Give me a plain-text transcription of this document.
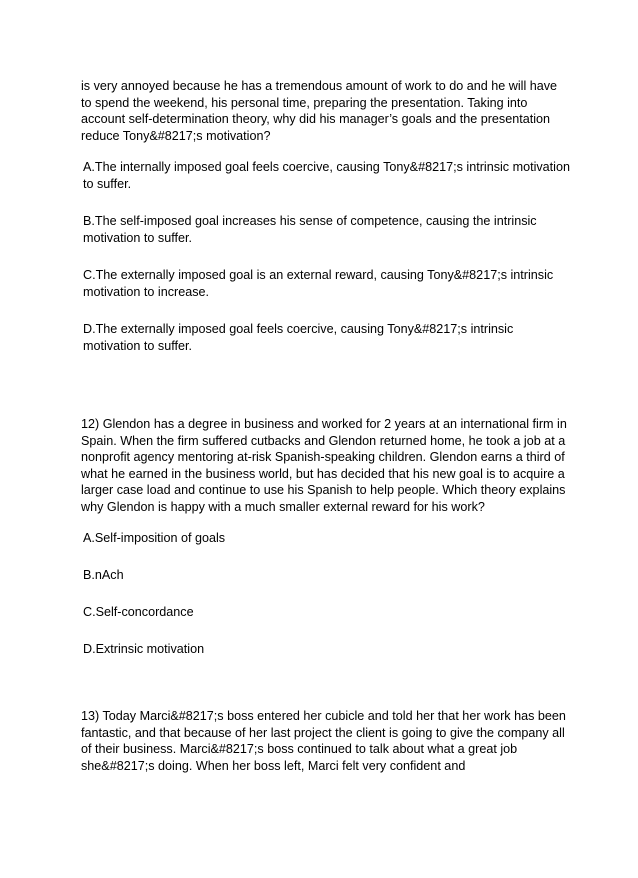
is very annoyed because he has a tremendous amount of work to do and he will have to spend the weekend, his personal time, preparing the presentation. Taking into account self-determination theory, why did his manager’s goals and the presentation reduce Tony&#8217;s motivation?

A.The internally imposed goal feels coercive, causing Tony&#8217;s intrinsic motivation to suffer.

B.The self-imposed goal increases his sense of competence, causing the intrinsic motivation to suffer.

C.The externally imposed goal is an external reward, causing Tony&#8217;s intrinsic motivation to increase.

D.The externally imposed goal feels coercive, causing Tony&#8217;s intrinsic motivation to suffer.

12) Glendon has a degree in business and worked for 2 years at an international firm in Spain. When the firm suffered cutbacks and Glendon returned home, he took a job at a nonprofit agency mentoring at-risk Spanish-speaking children. Glendon earns a third of what he earned in the business world, but has decided that his new goal is to acquire a larger case load and continue to use his Spanish to help people. Which theory explains why Glendon is happy with a much smaller external reward for his work?

A.Self-imposition of goals

B.nAch

C.Self-concordance

D.Extrinsic motivation

13) Today Marci&#8217;s boss entered her cubicle and told her that her work has been fantastic, and that because of her last project the client is going to give the company all of their business. Marci&#8217;s boss continued to talk about what a great job she&#8217;s doing. When her boss left, Marci felt very confident and
